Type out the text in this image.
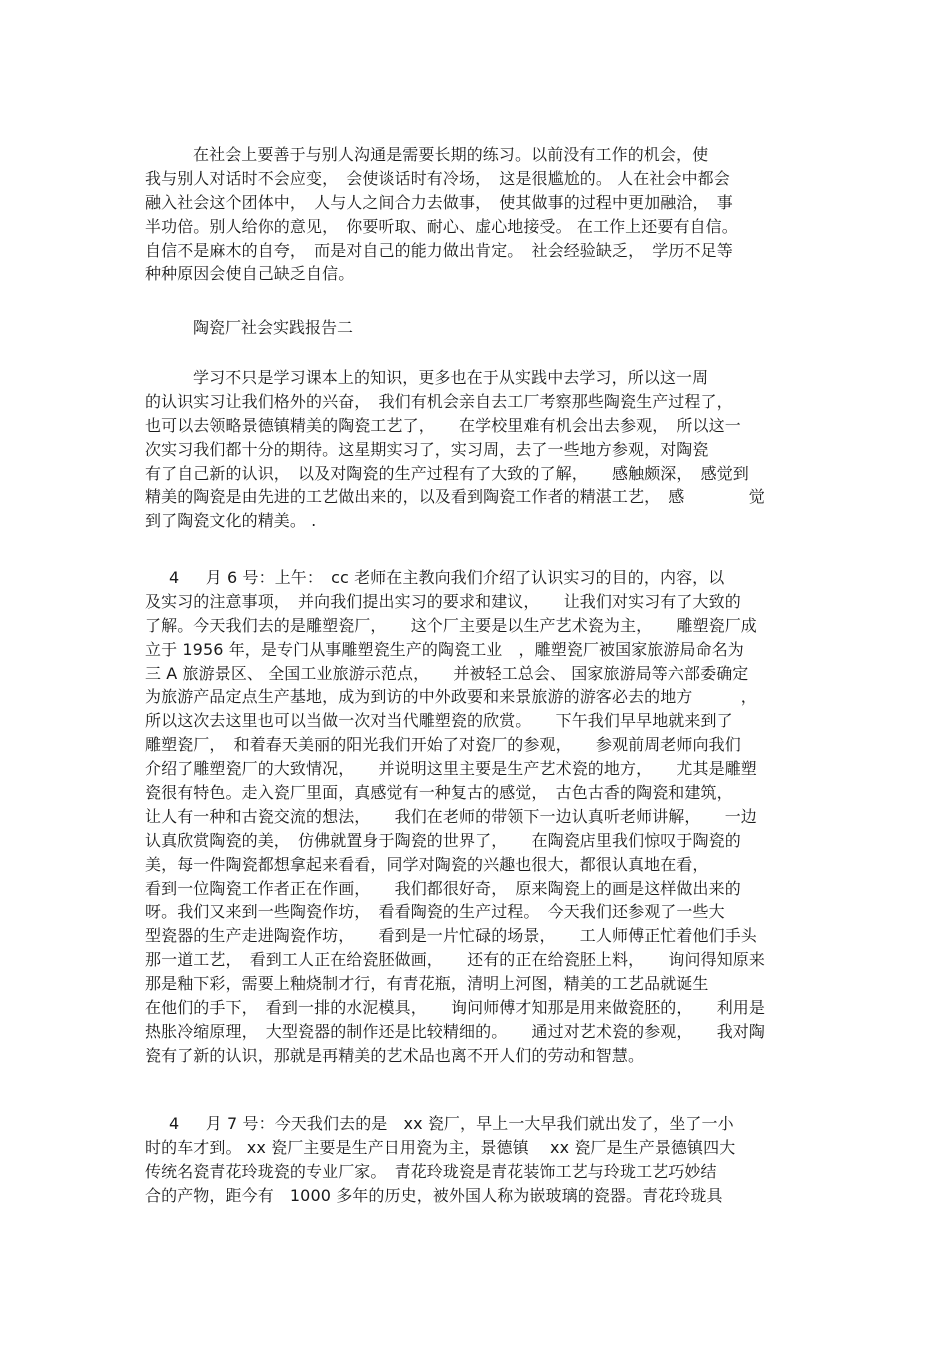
在社会上要善于与别人沟通是需要长期的练习。以前没有工作的机会，使
我与别人对话时不会应变，　会使谈话时有冷场，　这是很尴尬的。 人在社会中都会
融入社会这个团体中，　人与人之间合力去做事，　使其做事的过程中更加融洽，　事
半功倍。别人给你的意见，　你要听取、耐心、虚心地接受。 在工作上还要有自信。
自信不是麻木的自夸，　而是对自己的能力做出肯定。　社会经验缺乏，　学历不足等
种种原因会使自己缺乏自信。
陶瓷厂社会实践报告二
学习不只是学习课本上的知识，更多也在于从实践中去学习，所以这一周
的认识实习让我们格外的兴奋，　我们有机会亲自去工厂考察那些陶瓷生产过程了，
也可以去领略景德镇精美的陶瓷工艺了，　　在学校里难有机会出去参观，　所以这一
次实习我们都十分的期待。这星期实习了，实习周，去了一些地方参观，对陶瓷
有了自己新的认识，　以及对陶瓷的生产过程有了大致的了解，　　感触颇深，　感觉到
精美的陶瓷是由先进的工艺做出来的，以及看到陶瓷工作者的精湛工艺，　感　　　　觉
到了陶瓷文化的精美。 .
4　  月 6 号：上午：　cc 老师在主教向我们介绍了认识实习的目的，内容，以
及实习的注意事项，　并向我们提出实习的要求和建议，　　让我们对实习有了大致的
了解。今天我们去的是雕塑瓷厂，　　这个厂主要是以生产艺术瓷为主，　　雕塑瓷厂成
立于 1956 年，是专门从事雕塑瓷生产的陶瓷工业　，雕塑瓷厂被国家旅游局命名为
三 A 旅游景区、 全国工业旅游示范点，　　并被轻工总会、 国家旅游局等六部委确定
为旅游产品定点生产基地，成为到访的中外政要和来景旅游的游客必去的地方　　　，
所以这次去这里也可以当做一次对当代雕塑瓷的欣赏。　　下午我们早早地就来到了
雕塑瓷厂，　和着春天美丽的阳光我们开始了对瓷厂的参观，　　参观前周老师向我们
介绍了雕塑瓷厂的大致情况，　　并说明这里主要是生产艺术瓷的地方，　　尤其是雕塑
瓷很有特色。走入瓷厂里面，真感觉有一种复古的感觉，　古色古香的陶瓷和建筑，
让人有一种和古瓷交流的想法，　　我们在老师的带领下一边认真听老师讲解，　　一边
认真欣赏陶瓷的美，　仿佛就置身于陶瓷的世界了，　　在陶瓷店里我们惊叹于陶瓷的
美，每一件陶瓷都想拿起来看看，同学对陶瓷的兴趣也很大，都很认真地在看，
看到一位陶瓷工作者正在作画，　　我们都很好奇，　原来陶瓷上的画是这样做出来的
呀。我们又来到一些陶瓷作坊，　看看陶瓷的生产过程。　今天我们还参观了一些大
型瓷器的生产走进陶瓷作坊，　　看到是一片忙碌的场景，　　工人师傅正忙着他们手头
那一道工艺，　看到工人正在给瓷胚做画，　　还有的正在给瓷胚上料，　　询问得知原来
那是釉下彩，需要上釉烧制才行，有青花瓶，清明上河图，精美的工艺品就诞生
在他们的手下，　看到一排的水泥模具，　　询问师傅才知那是用来做瓷胚的，　　利用是
热胀冷缩原理，　大型瓷器的制作还是比较精细的。　　通过对艺术瓷的参观，　　我对陶
瓷有了新的认识，那就是再精美的艺术品也离不开人们的劳动和智慧。
4　  月 7 号：今天我们去的是　xx 瓷厂，早上一大早我们就出发了，坐了一小
时的车才到。 xx 瓷厂主要是生产日用瓷为主，景德镇　 xx 瓷厂是生产景德镇四大
传统名瓷青花玲珑瓷的专业厂家。　青花玲珑瓷是青花装饰工艺与玲珑工艺巧妙结
合的产物，距今有　1000 多年的历史，被外国人称为嵌玻璃的瓷器。青花玲珑具
